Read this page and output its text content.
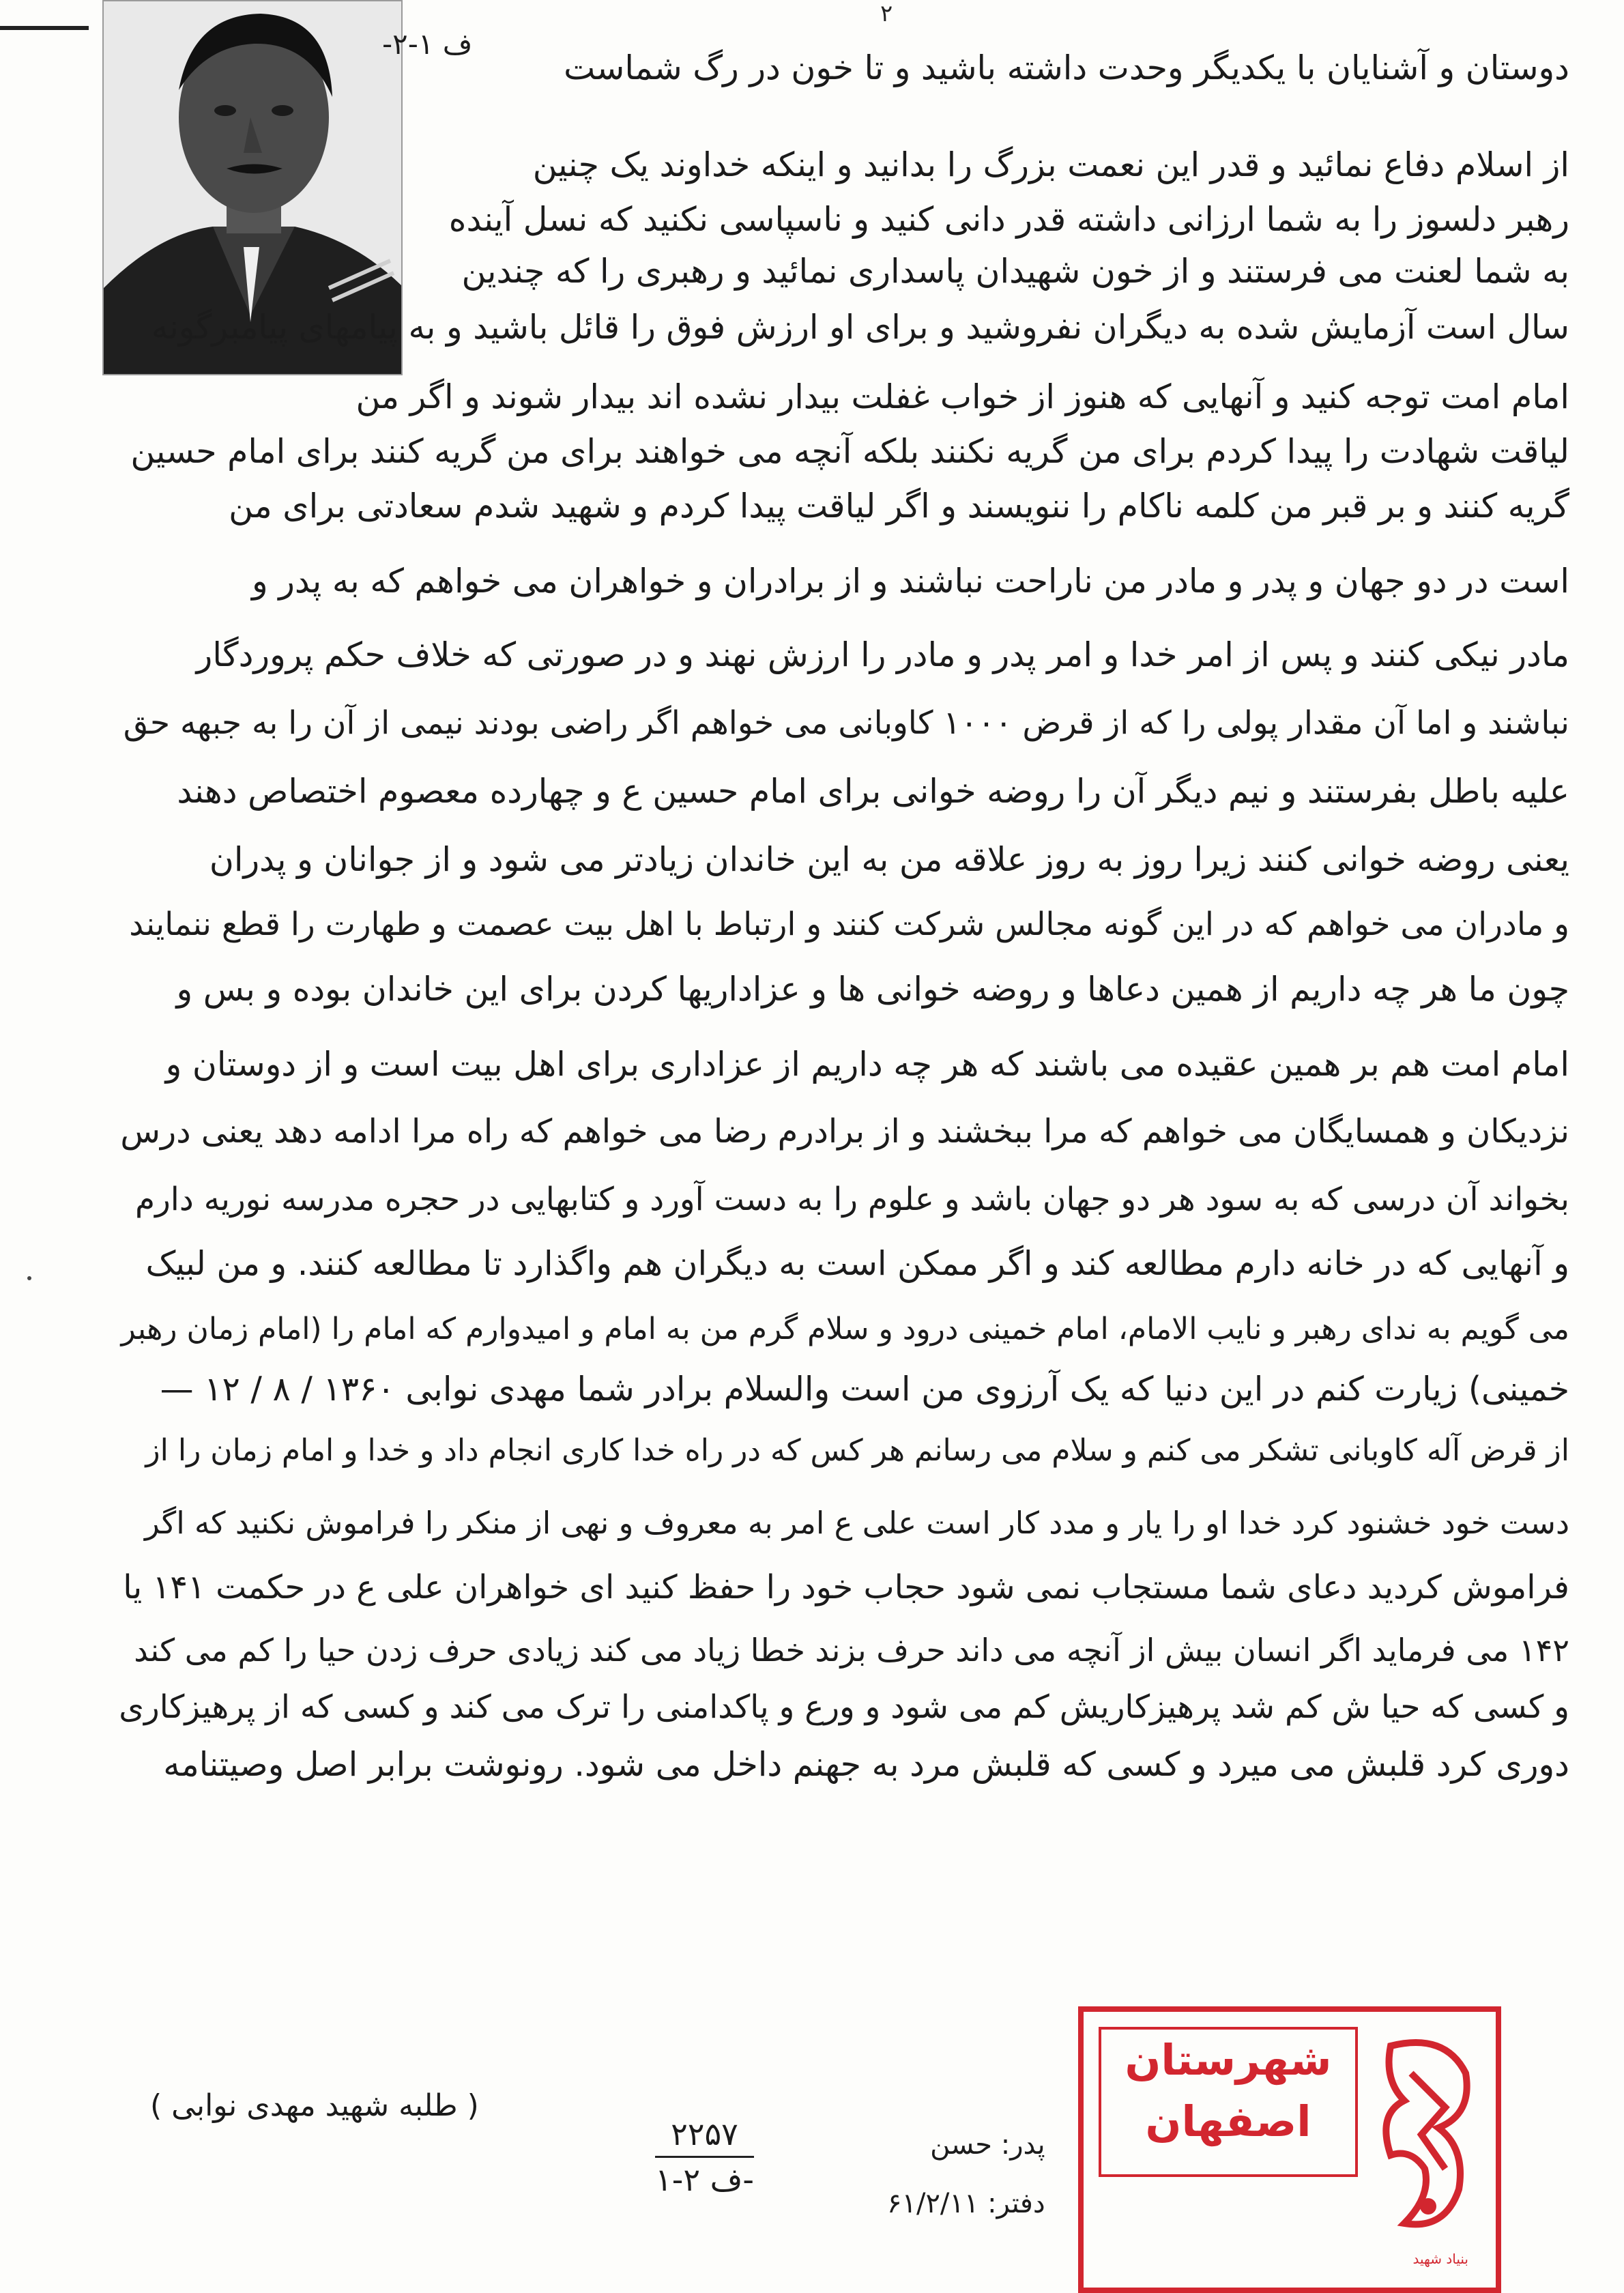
۲
ف ۱-۲-
دوستان و آشنایان با یکدیگر وحدت داشته باشید و تا خون در رگ شماست
از اسلام دفاع نمائید و قدر این نعمت بزرگ را بدانید و اینکه خداوند یک چنین
رهبر دلسوز را به شما ارزانی داشته قدر دانی کنید و ناسپاسی نکنید که نسل آینده
به شما لعنت می فرستند و از خون شهیدان پاسداری نمائید و رهبری را که چندین
سال است آزمایش شده به دیگران نفروشید و برای او ارزش فوق را قائل باشید و به پیامهای پیامبرگونه
امام امت توجه کنید و آنهایی که هنوز از خواب غفلت بیدار نشده اند بیدار شوند و اگر من
لیاقت شهادت را پیدا کردم برای من گریه نکنند بلکه آنچه می خواهند برای من گریه کنند برای امام حسین
گریه کنند و بر قبر من کلمه ناکام را ننویسند و اگر لیاقت پیدا کردم و شهید شدم سعادتی برای من
است در دو جهان و پدر و مادر من ناراحت نباشند و از برادران و خواهران می خواهم که به پدر و
مادر نیکی کنند و پس از امر خدا و امر پدر و مادر را ارزش نهند و در صورتی که خلاف حکم پروردگار
نباشند و اما آن مقدار پولی را که از قرض ۱۰۰۰ کاوبانی می خواهم اگر راضی بودند نیمی از آن را به جبهه حق
علیه باطل بفرستند و نیم دیگر آن را روضه خوانی برای امام حسین ع و چهارده معصوم اختصاص دهند
یعنی روضه خوانی کنند زیرا روز به روز علاقه من به این خاندان زیادتر می شود و از جوانان و پدران
و مادران می خواهم که در این گونه مجالس شرکت کنند و ارتباط با اهل بیت عصمت و طهارت را قطع ننمایند
چون ما هر چه داریم از همین دعاها و روضه خوانی ها و عزاداریها کردن برای این خاندان بوده و بس و
امام امت هم بر همین عقیده می باشند که هر چه داریم از عزاداری برای اهل بیت است و از دوستان و
نزدیکان و همسایگان می خواهم که مرا ببخشند و از برادرم رضا می خواهم که راه مرا ادامه دهد یعنی درس
بخواند آن درسی که به سود هر دو جهان باشد و علوم را به دست آورد و کتابهایی در حجره مدرسه نوریه دارم
و آنهایی که در خانه دارم مطالعه کند و اگر ممکن است به دیگران هم واگذارد تا مطالعه کنند. و من لبیک
می گویم به ندای رهبر و نایب الامام، امام خمینی درود و سلام گرم من به امام و امیدوارم که امام را (امام زمان رهبر
خمینی) زیارت کنم در این دنیا که یک آرزوی من است والسلام برادر شما مهدی نوابی ۱۳۶۰ / ۸ / ۱۲ —
از قرض آله کاوبانی تشکر می کنم و سلام می رسانم هر کس که در راه خدا کاری انجام داد و خدا و امام زمان را از
دست خود خشنود کرد خدا او را یار و مدد کار است علی ع امر به معروف و نهی از منکر را فراموش نکنید که اگر
فراموش کردید دعای شما مستجاب نمی شود حجاب خود را حفظ کنید ای خواهران علی ع در حکمت ۱۴۱ یا
۱۴۲ می فرماید اگر انسان بیش از آنچه می داند حرف بزند خطا زیاد می کند زیادی حرف زدن حیا را کم می کند
و کسی که حیا ش کم شد پرهیزکاریش کم می شود و ورع و پاکدامنی را ترک می کند و کسی که از پرهیزکاری
دوری کرد قلبش می میرد و کسی که قلبش مرد به جهنم داخل می شود. رونوشت برابر اصل وصیتنامه
( طلبه شهید مهدی نوابی )
۲۲۵۷
ف ۲-۱-
پدر: حسن
دفتر: ۶۱/۲/۱۱
شهرستان
اصفهان
بنیاد شهید
